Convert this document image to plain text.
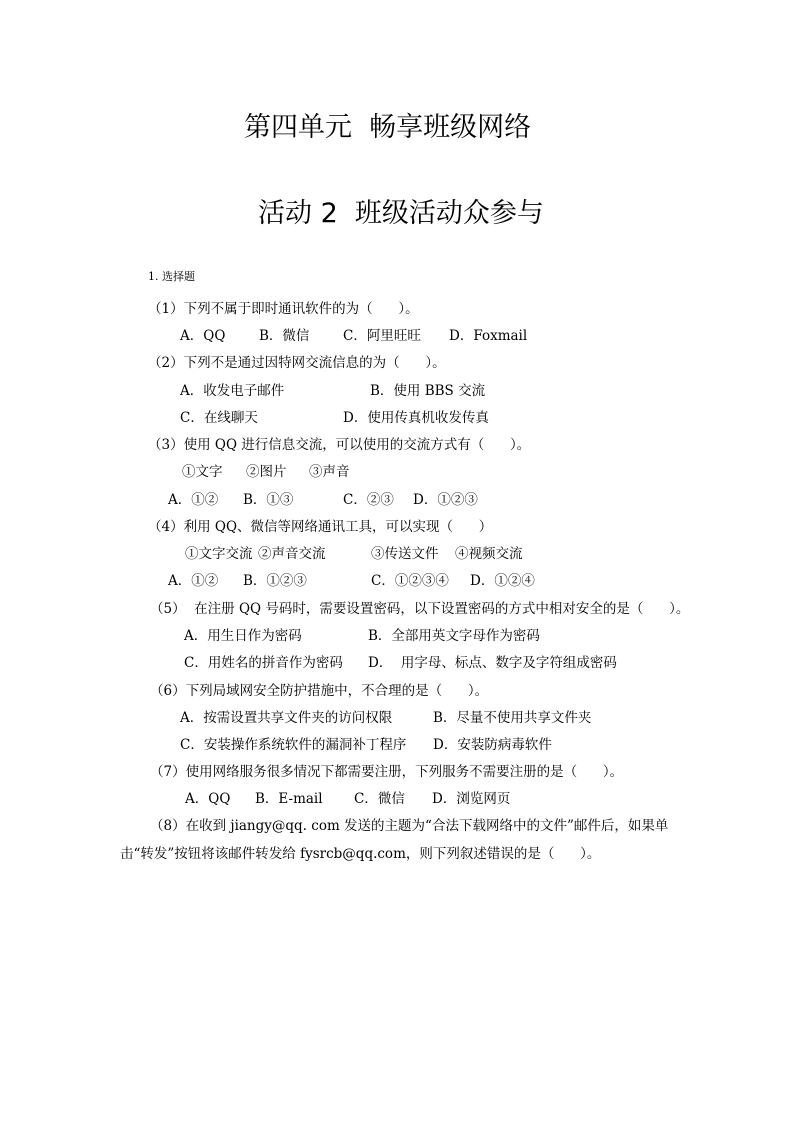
第四单元  畅享班级网络
活动 2  班级活动众参与
1. 选择题
（1）下列不属于即时通讯软件的为（      ）。
A．QQ B．微信 C．阿里旺旺 D．Foxmail
（2）下列不是通过因特网交流信息的为（      ）。
A．收发电子邮件	B．使用 BBS 交流
C．在线聊天	D．使用传真机收发传真
（3）使用 QQ 进行信息交流，可以使用的交流方式有（      ）。
①文字 ②图片 ③声音
A．①② B．①③	C．②③ D．①②③
（4）利用 QQ、微信等网络通讯工具，可以实现（      ）
①文字交流 ②声音交流	③传送文件 ④视频交流
A．①② B．①②③	C．①②③④ D．①②④
（5）  在注册 QQ 号码时，需要设置密码，以下设置密码的方式中相对安全的是（      ）。
A．用生日作为密码	B．全部用英文字母作为密码
C．用姓名的拼音作为密码 D．  用字母、标点、数字及字符组成密码
（6）下列局域网安全防护措施中，不合理的是（      ）。
A．按需设置共享文件夹的访问权限	B．尽量不使用共享文件夹
C．安装操作系统软件的漏洞补丁程序 D．安装防病毒软件
（7）使用网络服务很多情况下都需要注册，下列服务不需要注册的是（      ）。
A．QQ B．E-mail C．微信 D．浏览网页
（8）在收到 jiangy@qq. com 发送的主题为“合法下载网络中的文件”邮件后，如果单
击“转发”按钮将该邮件转发给 fysrcb@qq.com，则下列叙述错误的是（      ）。
